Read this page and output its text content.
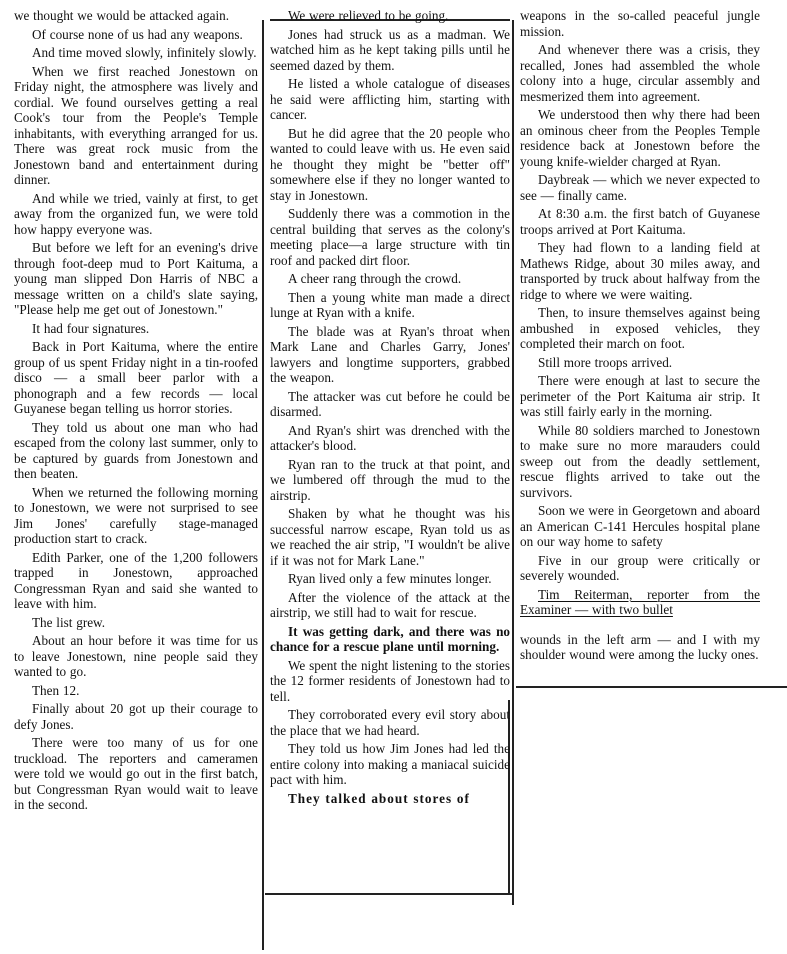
we thought we would be attacked again.

Of course none of us had any weapons.

And time moved slowly, infinitely slowly.

When we first reached Jonestown on Friday night, the atmosphere was lively and cordial. We found ourselves getting a real Cook's tour from the People's Temple inhabitants, with everything arranged for us. There was great rock music from the Jonestown band and entertainment during dinner.

And while we tried, vainly at first, to get away from the organized fun, we were told how happy everyone was.

But before we left for an evening's drive through foot-deep mud to Port Kaituma, a young man slipped Don Harris of NBC a message written on a child's slate saying, "Please help me get out of Jonestown."

It had four signatures.

Back in Port Kaituma, where the entire group of us spent Friday night in a tin-roofed disco — a small beer parlor with a phonograph and a few records — local Guyanese began telling us horror stories.

They told us about one man who had escaped from the colony last summer, only to be captured by guards from Jonestown and then beaten.

When we returned the following morning to Jonestown, we were not surprised to see Jim Jones' carefully stage-managed production start to crack.

Edith Parker, one of the 1,200 followers trapped in Jonestown, approached Congressman Ryan and said she wanted to leave with him.

The list grew.

About an hour before it was time for us to leave Jonestown, nine people said they wanted to go.

Then 12.

Finally about 20 got up their courage to defy Jones.

There were too many of us for one truckload. The reporters and cameramen were told we would go out in the first batch, but Congressman Ryan would wait to leave in the second.

We were relieved to be going.

Jones had struck us as a madman. We watched him as he kept taking pills until he seemed dazed by them.

He listed a whole catalogue of diseases he said were afflicting him, starting with cancer.

But he did agree that the 20 people who wanted to could leave with us. He even said he thought they might be "better off" somewhere else if they no longer wanted to stay in Jonestown.

Suddenly there was a commotion in the central building that serves as the colony's meeting place—a large structure with tin roof and packed dirt floor.

A cheer rang through the crowd.

Then a young white man made a direct lunge at Ryan with a knife.

The blade was at Ryan's throat when Mark Lane and Charles Garry, Jones' lawyers and longtime supporters, grabbed the weapon.

The attacker was cut before he could be disarmed.

And Ryan's shirt was drenched with the attacker's blood.

Ryan ran to the truck at that point, and we lumbered off through the mud to the airstrip.

Shaken by what he thought was his successful narrow escape, Ryan told us as we reached the air strip, "I wouldn't be alive if it was not for Mark Lane."

Ryan lived only a few minutes longer.

After the violence of the attack at the airstrip, we still had to wait for rescue.

It was getting dark, and there was no chance for a rescue plane until morning.

We spent the night listening to the stories the 12 former residents of Jonestown had to tell.

They corroborated every evil story about the place that we had heard.

They told us how Jim Jones had led the entire colony into making a maniacal suicide pact with him.

They talked about stores of

weapons in the so-called peaceful jungle mission.

And whenever there was a crisis, they recalled, Jones had assembled the whole colony into a huge, circular assembly and mesmerized them into agreement.

We understood then why there had been an ominous cheer from the Peoples Temple residence back at Jonestown before the young knife-wielder charged at Ryan.

Daybreak — which we never expected to see — finally came.

At 8:30 a.m. the first batch of Guyanese troops arrived at Port Kaituma.

They had flown to a landing field at Mathews Ridge, about 30 miles away, and transported by truck about halfway from the ridge to where we were waiting.

Then, to insure themselves against being ambushed in exposed vehicles, they completed their march on foot.

Still more troops arrived.

There were enough at last to secure the perimeter of the Port Kaituma air strip. It was still fairly early in the morning.

While 80 soldiers marched to Jonestown to make sure no more marauders could sweep out from the deadly settlement, rescue flights arrived to take out the survivors.

Soon we were in Georgetown and aboard an American C-141 Hercules hospital plane on our way home to safety

Five in our group were critically or severely wounded.

Tim Reiterman, reporter from the Examiner — with two bullet

wounds in the left arm — and I with my shoulder wound were among the lucky ones.
